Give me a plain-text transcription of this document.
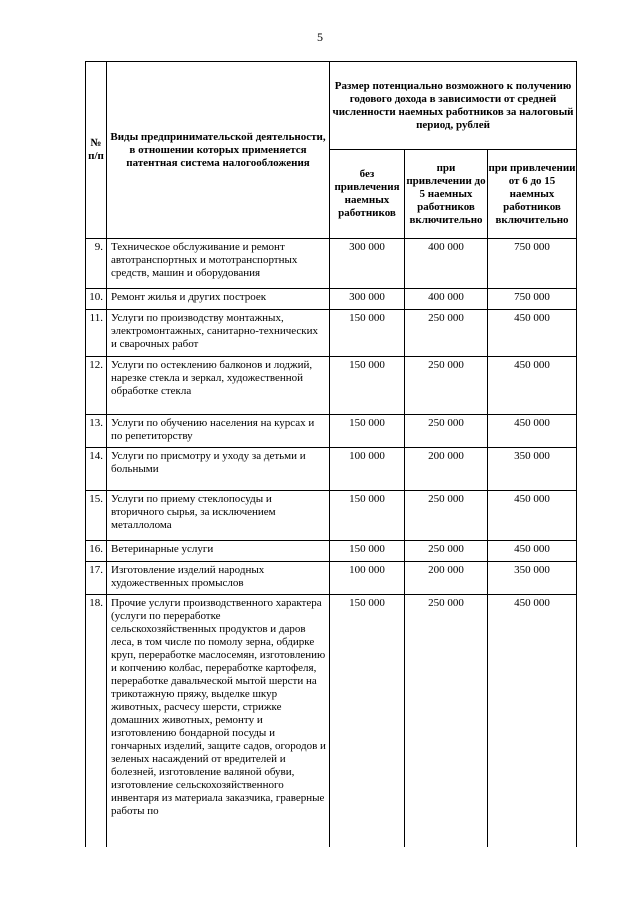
5
№ п/п	Виды предпринимательской деятельности, в отношении которых применяется патентная система налогообложения	Размер потенциально возможного к получению годового дохода в зависимости от средней численности наемных работников за налоговый период, рублей		
		без привлечения наемных работников	при привлечении до 5 наемных работников включительно	при привлечении от 6 до 15 наемных работников включительно
9.	Техническое обслуживание и ремонт автотранспортных и мототранспортных средств, машин и оборудования	300 000	400 000	750 000
10.	Ремонт жилья и других построек	300 000	400 000	750 000
11.	Услуги по производству монтажных, электромонтажных, санитарно-технических и сварочных работ	150 000	250 000	450 000
12.	Услуги по остеклению балконов и лоджий, нарезке стекла и зеркал, художественной обработке стекла	150 000	250 000	450 000
13.	Услуги по обучению населения на курсах и по репетиторству	150 000	250 000	450 000
14.	Услуги по присмотру и уходу за детьми и больными	100 000	200 000	350 000
15.	Услуги по приему стеклопосуды и вторичного сырья, за исключением металлолома	150 000	250 000	450 000
16.	Ветеринарные услуги	150 000	250 000	450 000
17.	Изготовление изделий народных художественных промыслов	100 000	200 000	350 000
18.	Прочие услуги производственного характера (услуги по переработке сельскохозяйственных продуктов и даров леса, в том числе по помолу зерна, обдирке круп, переработке маслосемян, изготовлению и копчению колбас, переработке картофеля, переработке давальческой мытой шерсти на трикотажную пряжу, выделке шкур животных, расчесу шерсти, стрижке домашних животных, ремонту и изготовлению бондарной посуды и гончарных изделий, защите садов, огородов и зеленых насаждений от вредителей и болезней, изготовление валяной обуви, изготовление сельскохозяйственного инвентаря из материала заказчика, граверные работы по	150 000	250 000	450 000
